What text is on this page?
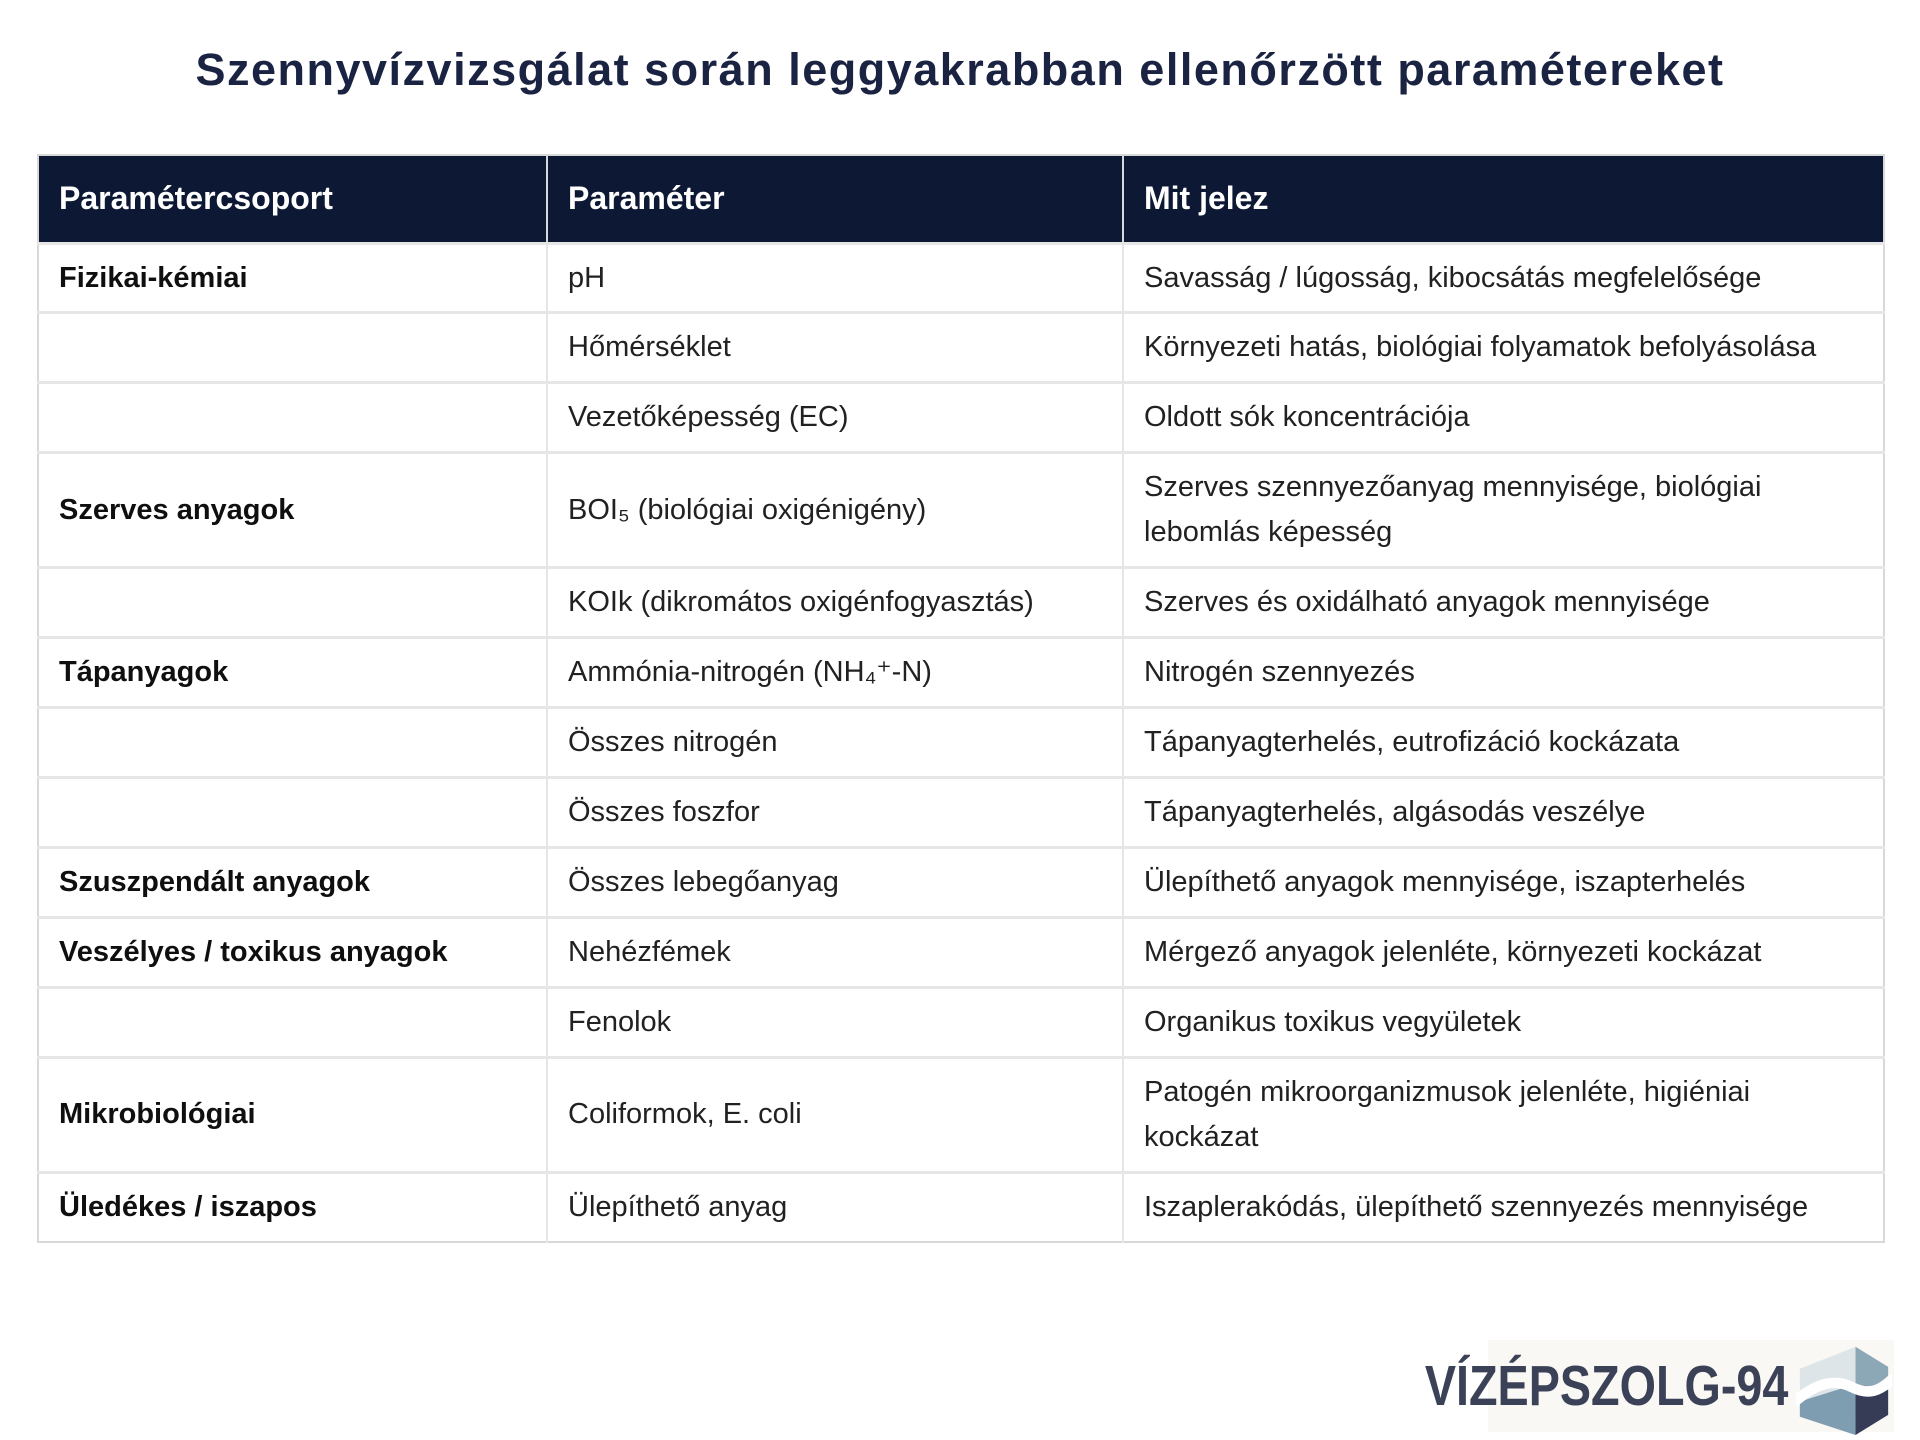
Szennyvízvizsgálat során leggyakrabban ellenőrzött paramétereket
Paramétercsoport	Paraméter	Mit jelez
Fizikai-kémiai	pH	Savasság / lúgosság, kibocsátás megfelelősége
	Hőmérséklet	Környezeti hatás, biológiai folyamatok befolyásolása
	Vezetőképesség (EC)	Oldott sók koncentrációja
Szerves anyagok	BOI₅ (biológiai oxigénigény)	Szerves szennyezőanyag mennyisége, biológiai lebomlás képesség
	KOIk (dikromátos oxigénfogyasztás)	Szerves és oxidálható anyagok mennyisége
Tápanyagok	Ammónia-nitrogén (NH₄⁺-N)	Nitrogén szennyezés
	Összes nitrogén	Tápanyagterhelés, eutrofizáció kockázata
	Összes foszfor	Tápanyagterhelés, algásodás veszélye
Szuszpendált anyagok	Összes lebegőanyag	Ülepíthető anyagok mennyisége, iszapterhelés
Veszélyes / toxikus anyagok	Nehézfémek	Mérgező anyagok jelenléte, környezeti kockázat
	Fenolok	Organikus toxikus vegyületek
Mikrobiológiai	Coliformok, E. coli	Patogén mikroorganizmusok jelenléte, higiéniai kockázat
Üledékes / iszapos	Ülepíthető anyag	Iszaplerakódás, ülepíthető szennyezés mennyisége
VÍZÉPSZOLG-94
